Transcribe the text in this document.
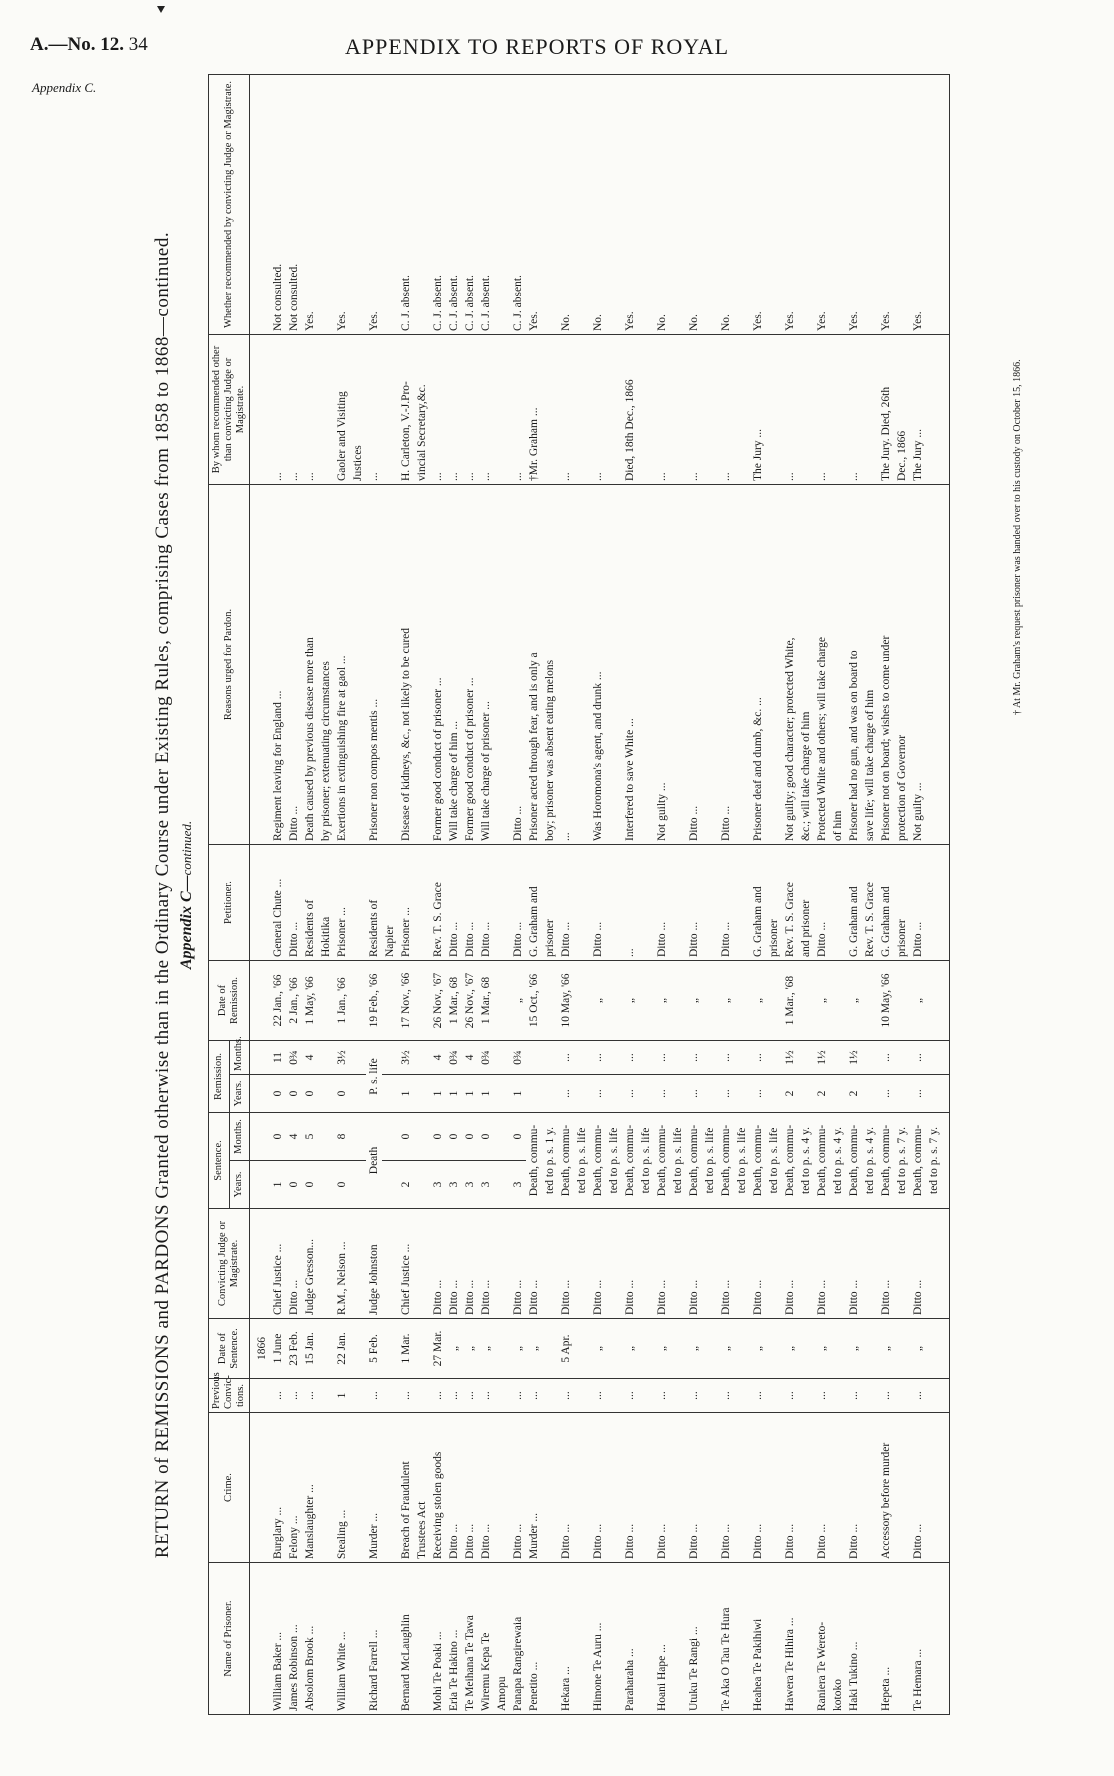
A.—No. 12. 34	APPENDIX TO REPORTS OF ROYAL
Appendix C.
RETURN of REMISSIONS and PARDONS Granted otherwise than in the Ordinary Course under Existing Rules, comprising Cases from 1858 to 1868—continued. Appendix C—continued.
Name of Prisoner.	Crime.	Previous Convic-tions.	Date of Sentence.	Convicting Judge or Magistrate.	Sentence.		Remission.		Date of Remission.	Petitioner.	Reasons urged for Pardon.	By whom recommended other than convicting Judge or Magistrate.	Whether recommended by convicting Judge or Magistrate.
					Years.	Months.	Years.	Months.					
			1866										
William Baker ...	Burglary ...	...	1 June	Chief Justice ...	1	0	0	11	22 Jan., '66	General Chute ...	Regiment leaving for England ...	...	Not consulted.
James Robinson ...	Felony ...	...	23 Feb.	Ditto ...	0	4	0	0¾	2 Jan., '66	Ditto ...	Ditto ...	...	Not consulted.
Absolom Brook ...	Manslaughter ...	...	15 Jan.	Judge Gresson...	0	5	0	4	1 May, '66	Residents of	Death caused by previous disease more than	...	Yes.
										Hokitika	by prisoner; extenuating circumstances		
William White ...	Stealing ...	1	22 Jan.	R.M., Nelson ...	0	8	0	3½	1 Jan., '66	Prisoner ...	Exertions in extinguishing fire at gaol ...	Gaoler and Visiting	Yes.
												Justices	
Richard Farrell ...	Murder ...	...	5 Feb.	Judge Johnston	Death		P. s. life		19 Feb., '66	Residents of	Prisoner non compos mentis ...	...	Yes.
										Napier			
Bernard McLaughlin	Breach of Fraudulent	...	1 Mar.	Chief Justice ...	2	0	1	3½	17 Nov., '66	Prisoner ...	Disease of kidneys, &c., not likely to be cured	H. Carleton, V.-J.Pro-	C. J. absent.
	Trustees Act											vincial Secretary,&c.	
Mohi Te Poaki ...	Receiving stolen goods	...	27 Mar.	Ditto ...	3	0	1	4	26 Nov., '67	Rev. T. S. Grace	Former good conduct of prisoner ...	...	C. J. absent.
Eria Te Hakino ...	Ditto ...	...	„	Ditto ...	3	0	1	0¾	1 Mar., 68	Ditto ...	Will take charge of him ...	...	C. J. absent.
Te Meihana Te Tawa	Ditto ...	...	„	Ditto ...	3	0	1	4	26 Nov., '67	Ditto ...	Former good conduct of prisoner ...	...	C. J. absent.
Wiremu Kepa Te	Ditto ...	...	„	Ditto ...	3	0	1	0¾	1 Mar., 68	Ditto ...	Will take charge of prisoner ...	...	C. J. absent.
Amopu													
Panapa Rangirewaia	Ditto ...	...	„	Ditto ...	3	0	1	0¾	„	Ditto ...	Ditto ...	...	C. J. absent.
Penetito ...	Murder ...	...	„	Ditto ...	Death, commu-				15 Oct., '66	G. Graham and	Prisoner acted through fear, and is only a	†Mr. Graham ...	Yes.
					ted to p. s. 1 y.					prisoner	boy; prisoner was absent eating melons		
Hekara ...	Ditto ...	...	5 Apr.	Ditto ...	Death, commu-		...	...	10 May, '66	Ditto ...	...	...	No.
					ted to p. s. life								
Himone Te Auru ...	Ditto ...	...	„	Ditto ...	Death, commu-		...	...	„	Ditto ...	Was Horomona's agent, and drunk ...	...	No.
					ted to p. s. life								
Paraharaha ...	Ditto ...	...	„	Ditto ...	Death, commu-		...	...	„	...	Interfered to save White ...	Died, 18th Dec., 1866	Yes.
					ted to p. s. life								
Hoani Hape ...	Ditto ...	...	„	Ditto ...	Death, commu-		...	...	„	Ditto ...	Not guilty ...	...	No.
					ted to p. s. life								
Utuku Te Rangi ...	Ditto ...	...	„	Ditto ...	Death, commu-		...	...	„	Ditto ...	Ditto ...	...	No.
					ted to p. s. life								
Te Aka O Tau Te Hura	Ditto ...	...	„	Ditto ...	Death, commu-		...	...	„	Ditto ...	Ditto ...	...	No.
					ted to p. s. life								
Heahea Te Pakihiwi	Ditto ...	...	„	Ditto ...	Death, commu-		...	...	„	G. Graham and	Prisoner deaf and dumb, &c. ...	The Jury ...	Yes.
					ted to p. s. life					prisoner			
Hawera Te Hihira ...	Ditto ...	...	„	Ditto ...	Death, commu-		2	1½	1 Mar., '68	Rev. T. S. Grace	Not guilty; good character; protected White,	...	Yes.
					ted to p. s. 4 y.					and prisoner	&c.; will take charge of him		
Raniera Te Wereto-	Ditto ...	...	„	Ditto ...	Death, commu-		2	1½	„	Ditto ...	Protected White and others; will take charge	...	Yes.
kotoko					ted to p. s. 4 y.						of him		
Haki Tukino ...	Ditto ...	...	„	Ditto ...	Death, commu-		2	1½	„	G. Graham and	Prisoner had no gun, and was on board to	...	Yes.
					ted to p. s. 4 y.					Rev. T. S. Grace	save life; will take charge of him		
Hepeta ...	Accessory before murder	...	„	Ditto ...	Death, commu-		...	...	10 May, '66	G. Graham and	Prisoner not on board; wishes to come under	The Jury. Died, 26th	Yes.
					ted to p. s. 7 y.					prisoner	protection of Governor	Dec., 1866	
Te Hemara ...	Ditto ...	...	„	Ditto ...	Death, commu-		...	...	„	Ditto ...	Not guilty ...	The Jury ...	Yes.
					ted to p. s. 7 y.								
† At Mr. Graham's request prisoner was handed over to his custody on October 15, 1866.
